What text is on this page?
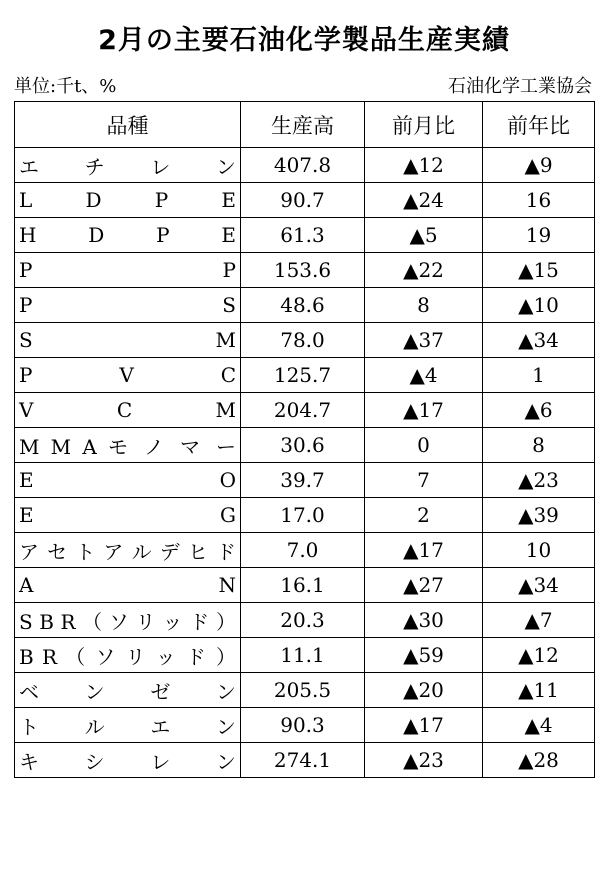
2月の主要石油化学製品生産実績
単位:千t、%	石油化学工業協会
品種	生産高	前月比	前年比
エ チ レ ン	407.8	▲12	▲9
L D P E	90.7	▲24	16
H D P E	61.3	▲5	19
P P	153.6	▲22	▲15
P S	48.6	8	▲10
S M	78.0	▲37	▲34
P V C	125.7	▲4	1
V C M	204.7	▲17	▲6
M M A モ ノ マ ー	30.6	0	8
E O	39.7	7	▲23
E G	17.0	2	▲39
ア セ ト ア ル デ ヒ ド	7.0	▲17	10
A N	16.1	▲27	▲34
S B R （ ソ リ ッ ド ）	20.3	▲30	▲7
B R （ ソ リ ッ ド ）	11.1	▲59	▲12
ベ ン ゼ ン	205.5	▲20	▲11
ト ル エ ン	90.3	▲17	▲4
キ シ レ ン	274.1	▲23	▲28
